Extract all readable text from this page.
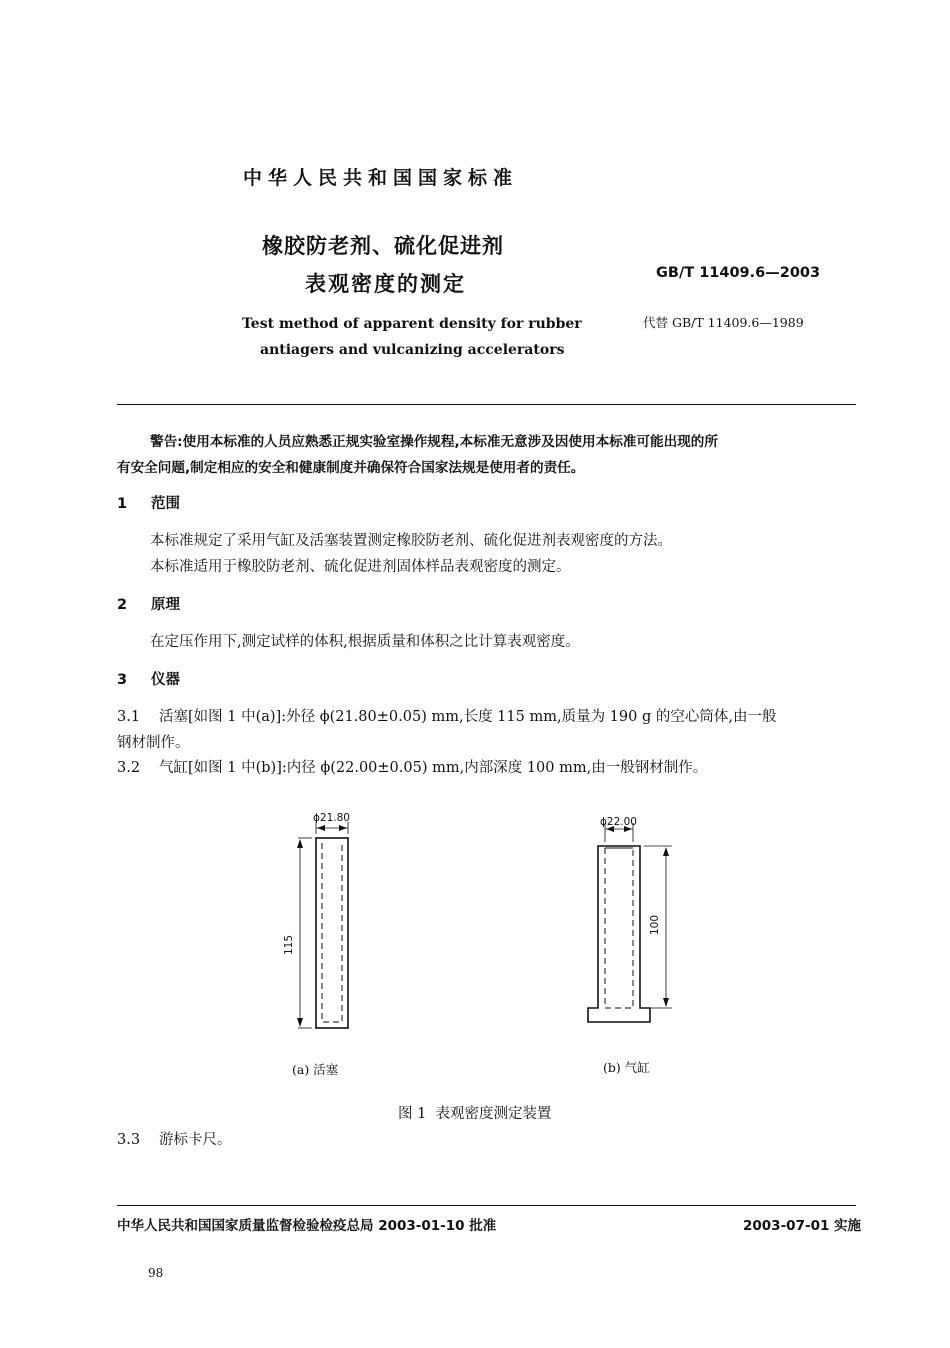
中华人民共和国国家标准
橡胶防老剂、硫化促进剂
表观密度的测定	GB/T 11409.6—2003
代替 GB/T 11409.6—1989
Test method of apparent density for rubber
antiagers and vulcanizing accelerators
警告:使用本标准的人员应熟悉正规实验室操作规程,本标准无意涉及因使用本标准可能出现的所
有安全问题,制定相应的安全和健康制度并确保符合国家法规是使用者的责任。
1 范围
本标准规定了采用气缸及活塞装置测定橡胶防老剂、硫化促进剂表观密度的方法。
本标准适用于橡胶防老剂、硫化促进剂固体样品表观密度的测定。
2 原理
在定压作用下,测定试样的体积,根据质量和体积之比计算表观密度。
3 仪器
3.1 活塞[如图 1 中(a)]:外径 ϕ(21.80±0.05) mm,长度 115 mm,质量为 190 g 的空心筒体,由一般
钢材制作。
3.2 气缸[如图 1 中(b)]:内径 ϕ(22.00±0.05) mm,内部深度 100 mm,由一般钢材制作。
ϕ21.80
115
ϕ22.00
100
(a) 活塞	(b) 气缸
图 1  表观密度测定装置
3.3 游标卡尺。
中华人民共和国国家质量监督检验检疫总局 2003-01-10 批准	2003-07-01 实施
98
